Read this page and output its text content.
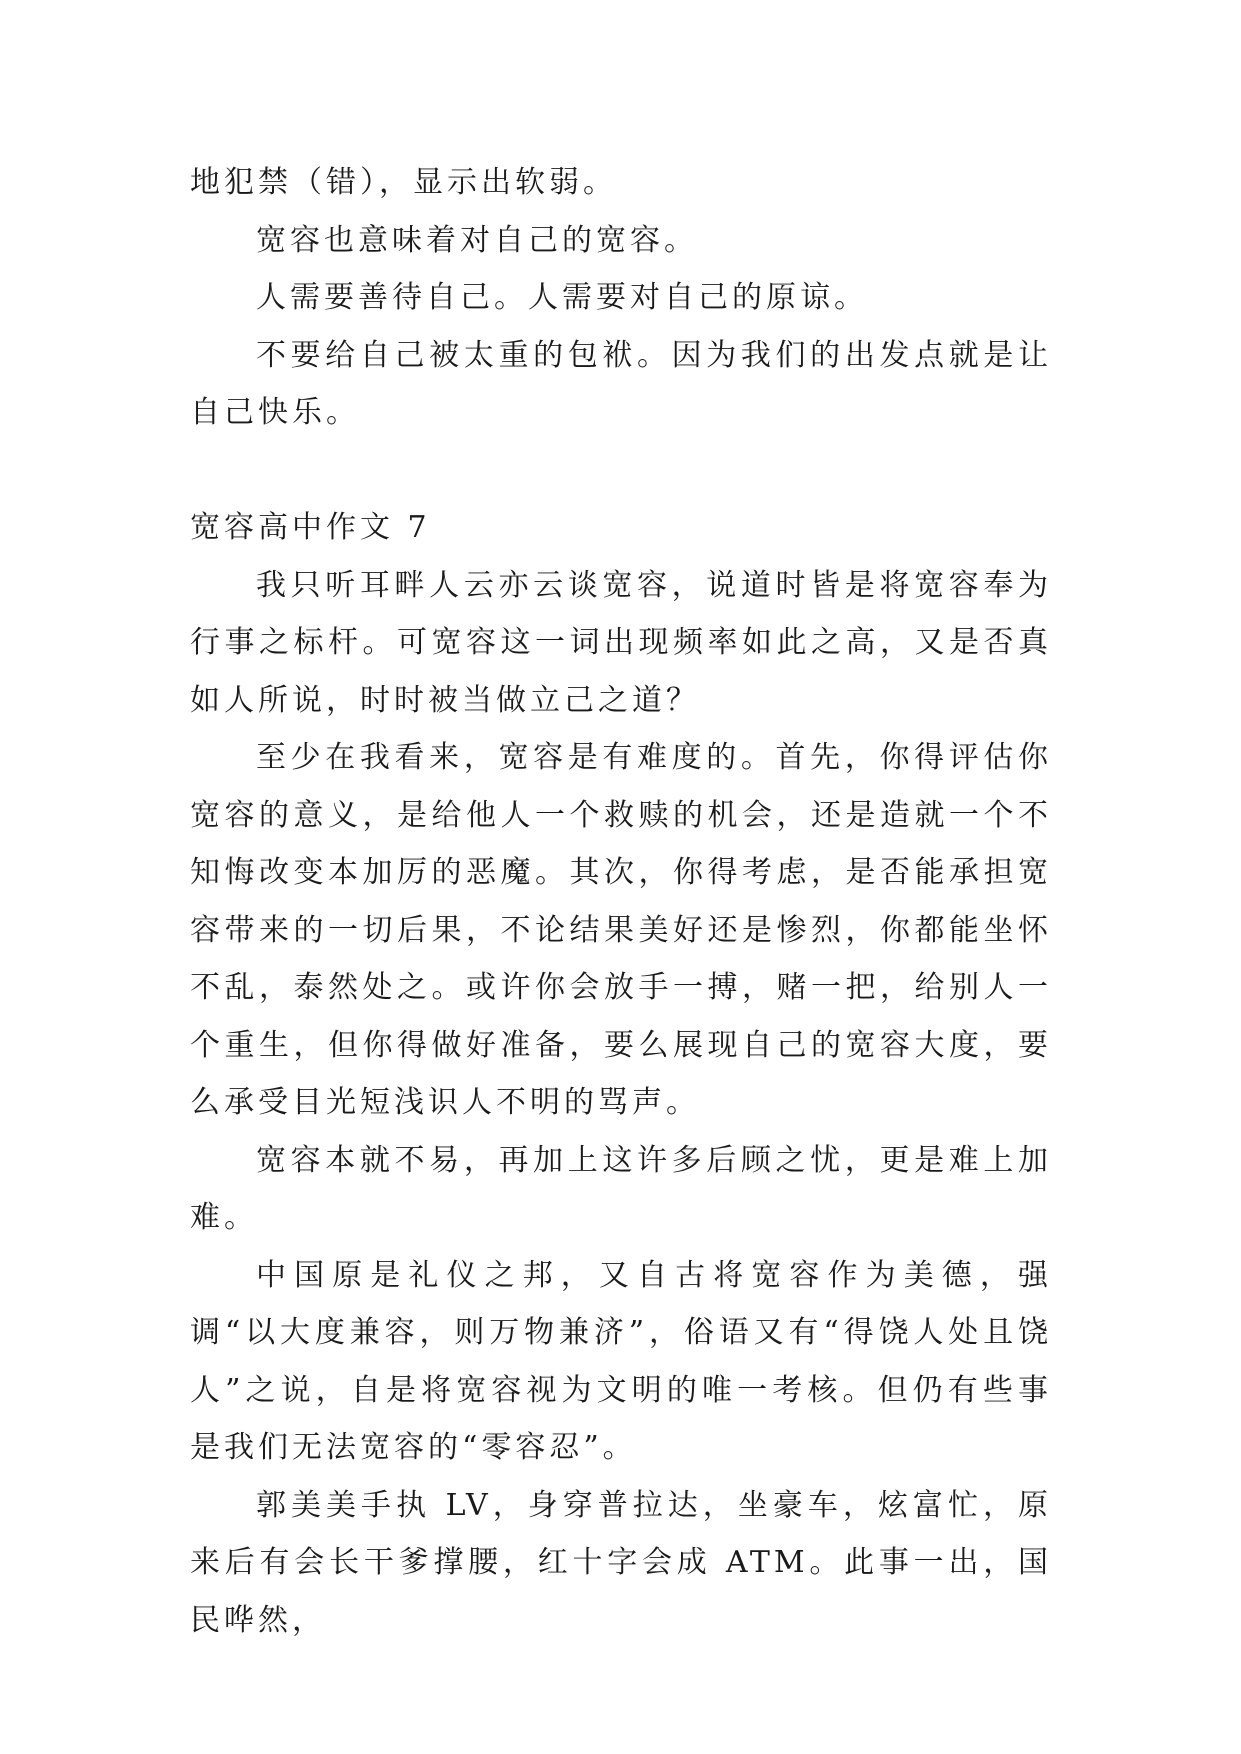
地犯禁（错），显示出软弱。

宽容也意味着对自己的宽容。

人需要善待自己。人需要对自己的原谅。

不要给自己被太重的包袱。因为我们的出发点就是让自己快乐。

宽容高中作文 7

我只听耳畔人云亦云谈宽容，说道时皆是将宽容奉为行事之标杆。可宽容这一词出现频率如此之高，又是否真如人所说，时时被当做立己之道？

至少在我看来，宽容是有难度的。首先，你得评估你宽容的意义，是给他人一个救赎的机会，还是造就一个不知悔改变本加厉的恶魔。其次，你得考虑，是否能承担宽容带来的一切后果，不论结果美好还是惨烈，你都能坐怀不乱，泰然处之。或许你会放手一搏，赌一把，给别人一个重生，但你得做好准备，要么展现自己的宽容大度，要么承受目光短浅识人不明的骂声。

宽容本就不易，再加上这许多后顾之忧，更是难上加难。

中国原是礼仪之邦，又自古将宽容作为美德，强调“以大度兼容，则万物兼济”，俗语又有“得饶人处且饶人”之说，自是将宽容视为文明的唯一考核。但仍有些事是我们无法宽容的“零容忍”。

郭美美手执 LV，身穿普拉达，坐豪车，炫富忙，原来后有会长干爹撑腰，红十字会成 ATM。此事一出，国民哗然，
